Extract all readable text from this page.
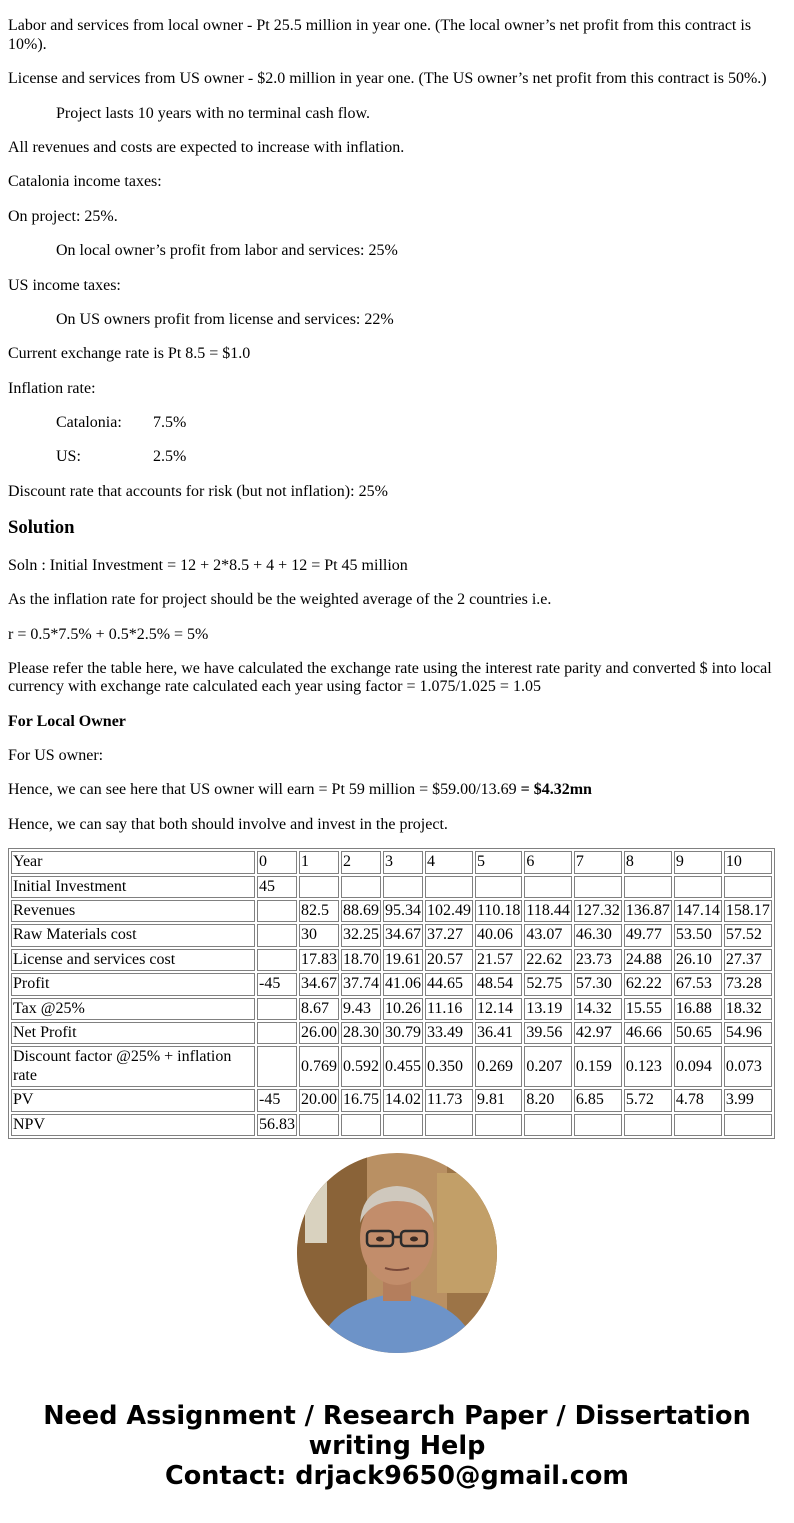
Labor and services from local owner - Pt 25.5 million in year one. (The local owner’s net profit from this contract is 10%).

License and services from US owner - $2.0 million in year one. (The US owner’s net profit from this contract is 50%.)

Project lasts 10 years with no terminal cash flow.

All revenues and costs are expected to increase with inflation.

Catalonia income taxes:

On project: 25%.

On local owner’s profit from labor and services: 25%

US income taxes:

On US owners profit from license and services: 22%

Current exchange rate is Pt 8.5 = $1.0

Inflation rate:

Catalonia: 7.5%

US:	2.5%

Discount rate that accounts for risk (but not inflation): 25%

Solution

Soln : Initial Investment = 12 + 2*8.5 + 4 + 12 = Pt 45 million

As the inflation rate for project should be the weighted average of the 2 countries i.e.

r = 0.5*7.5% + 0.5*2.5% = 5%

Please refer the table here, we have calculated the exchange rate using the interest rate parity and converted $ into local currency with exchange rate calculated each year using factor = 1.075/1.025 = 1.05

For Local Owner

For US owner:

Hence, we can see here that US owner will earn = Pt 59 million = $59.00/13.69 = $4.32mn

Hence, we can say that both should involve and invest in the project.

Year	0	1	2	3	4	5	6	7	8	9	10
Initial Investment	45										
Revenues		82.5	88.69	95.34	102.49	110.18	118.44	127.32	136.87	147.14	158.17
Raw Materials cost		30	32.25	34.67	37.27	40.06	43.07	46.30	49.77	53.50	57.52
License and services cost		17.83	18.70	19.61	20.57	21.57	22.62	23.73	24.88	26.10	27.37
Profit	-45	34.67	37.74	41.06	44.65	48.54	52.75	57.30	62.22	67.53	73.28
Tax @25%		8.67	9.43	10.26	11.16	12.14	13.19	14.32	15.55	16.88	18.32
Net Profit		26.00	28.30	30.79	33.49	36.41	39.56	42.97	46.66	50.65	54.96
Discount factor @25% + inflation rate		0.769	0.592	0.455	0.350	0.269	0.207	0.159	0.123	0.094	0.073
PV	-45	20.00	16.75	14.02	11.73	9.81	8.20	6.85	5.72	4.78	3.99
NPV	56.83										
Need Assignment / Research Paper / Dissertation
writing Help
Contact: drjack9650@gmail.com
